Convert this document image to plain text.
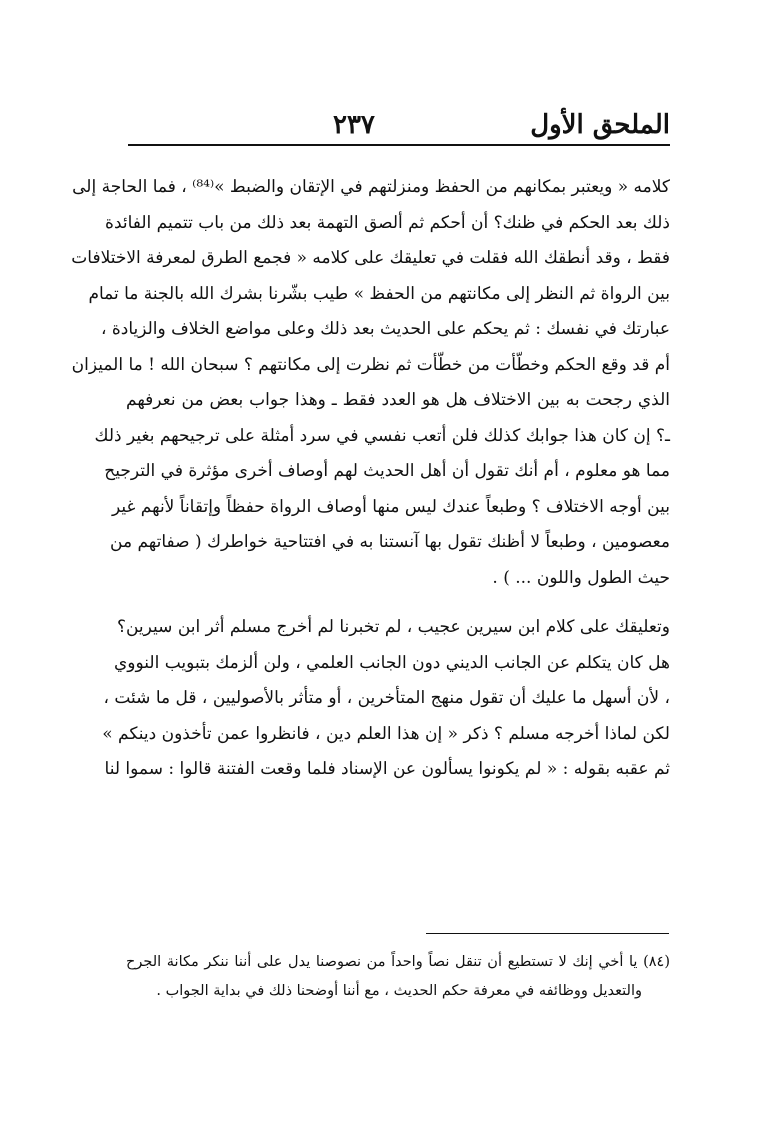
الملحق الأول
٢٣٧

كلامه « ويعتبر بمكانهم من الحفظ ومنزلتهم في الإتقان والضبط »⁽⁸⁴⁾ ، فما الحاجة إلى
ذلك بعد الحكم في ظنك؟ أن أحكم ثم ألصق التهمة بعد ذلك من باب تتميم الفائدة
فقط ، وقد أنطقك الله فقلت في تعليقك على كلامه « فجمع الطرق لمعرفة الاختلافات
بين الرواة ثم النظر إلى مكانتهم من الحفظ » طيب بشّرنا بشرك الله بالجنة ما تمام
عبارتك في نفسك : ثم يحكم على الحديث بعد ذلك وعلى مواضع الخلاف والزيادة ،
أم قد وقع الحكم وخطّأت من خطّأت ثم نظرت إلى مكانتهم ؟ سبحان الله ! ما الميزان
الذي رجحت به بين الاختلاف هل هو العدد فقط ـ وهذا جواب بعض من نعرفهم
ـ؟ إن كان هذا جوابك كذلك فلن أتعب نفسي في سرد أمثلة على ترجيحهم بغير ذلك
مما هو معلوم ، أم أنك تقول أن أهل الحديث لهم أوصاف أخرى مؤثرة في الترجيح
بين أوجه الاختلاف ؟ وطبعاً عندك ليس منها أوصاف الرواة حفظاً وإتقاناً لأنهم غير
معصومين ، وطبعاً لا أظنك تقول بها آنستنا به في افتتاحية خواطرك ( صفاتهم من
حيث الطول واللون ... ) .

وتعليقك على كلام ابن سيرين عجيب ، لم تخبرنا لم أخرج مسلم أثر ابن سيرين؟
هل كان يتكلم عن الجانب الديني دون الجانب العلمي ، ولن ألزمك بتبويب النووي
، لأن أسهل ما عليك أن تقول منهج المتأخرين ، أو متأثر بالأصوليين ، قل ما شئت ،
لكن لماذا أخرجه مسلم ؟ ذكر « إن هذا العلم دين ، فانظروا عمن تأخذون دينكم »
ثم عقبه بقوله : « لم يكونوا يسألون عن الإسناد فلما وقعت الفتنة قالوا : سموا لنا

(٨٤) يا أخي إنك لا تستطيع أن تنقل نصاً واحداً من نصوصنا يدل على أننا ننكر مكانة الجرح
والتعديل ووظائفه في معرفة حكم الحديث ، مع أننا أوضحنا ذلك في بداية الجواب .
